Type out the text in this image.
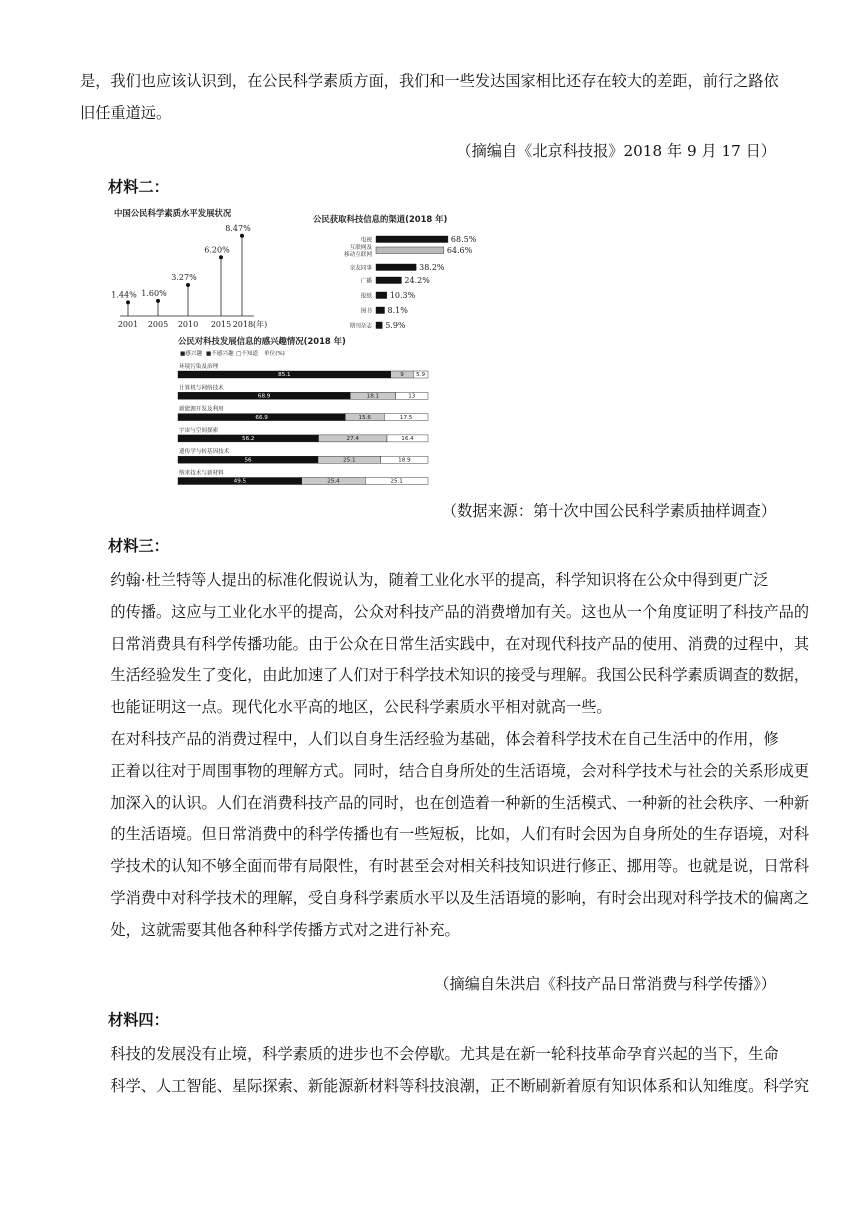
是，我们也应该认识到，在公民科学素质方面，我们和一些发达国家相比还存在较大的差距，前行之路依
旧任重道远。
（摘编自《北京科技报》2018 年 9 月 17 日）
材料二：
中国公民科学素质水平发展状况
1.44%
2001
1.60%
2005
3.27%
2010
6.20%
2015
8.47%
2018(年)
公民获取科技信息的渠道(2018 年)
电视	68.5%
互联网及
移动互联网	64.6%
亲友同事	38.2%
广播	24.2%
报纸 10.3%
图书 8.1%
期刊杂志 5.9%
公民对科技发展信息的感兴趣情况(2018 年)
■感兴趣 ■不感兴趣 □不知道 单位(%)
环境污染及治理
85.1	9 5.9
计算机与网络技术
68.9	18.1	13
新能源开发及利用
66.9	15.6	17.5
宇宙与空间探索
56.2	27.4	16.4
遗传学与转基因技术
56	25.1	18.9
纳米技术与新材料
49.5	25.4	25.1
（数据来源：第十次中国公民科学素质抽样调查）
材料三：
约翰·杜兰特等人提出的标准化假说认为，随着工业化水平的提高，科学知识将在公众中得到更广泛
的传播。这应与工业化水平的提高，公众对科技产品的消费增加有关。这也从一个角度证明了科技产品的
日常消费具有科学传播功能。由于公众在日常生活实践中，在对现代科技产品的使用、消费的过程中，其
生活经验发生了变化，由此加速了人们对于科学技术知识的接受与理解。我国公民科学素质调查的数据，
也能证明这一点。现代化水平高的地区，公民科学素质水平相对就高一些。
在对科技产品的消费过程中，人们以自身生活经验为基础，体会着科学技术在自己生活中的作用，修
正着以往对于周围事物的理解方式。同时，结合自身所处的生活语境，会对科学技术与社会的关系形成更
加深入的认识。人们在消费科技产品的同时，也在创造着一种新的生活模式、一种新的社会秩序、一种新
的生活语境。但日常消费中的科学传播也有一些短板，比如，人们有时会因为自身所处的生存语境，对科
学技术的认知不够全面而带有局限性，有时甚至会对相关科技知识进行修正、挪用等。也就是说，日常科
学消费中对科学技术的理解，受自身科学素质水平以及生活语境的影响，有时会出现对科学技术的偏离之
处，这就需要其他各种科学传播方式对之进行补充。
（摘编自朱洪启《科技产品日常消费与科学传播》）
材料四：
科技的发展没有止境，科学素质的进步也不会停歇。尤其是在新一轮科技革命孕育兴起的当下，生命
科学、人工智能、星际探索、新能源新材料等科技浪潮，正不断刷新着原有知识体系和认知维度。科学究
